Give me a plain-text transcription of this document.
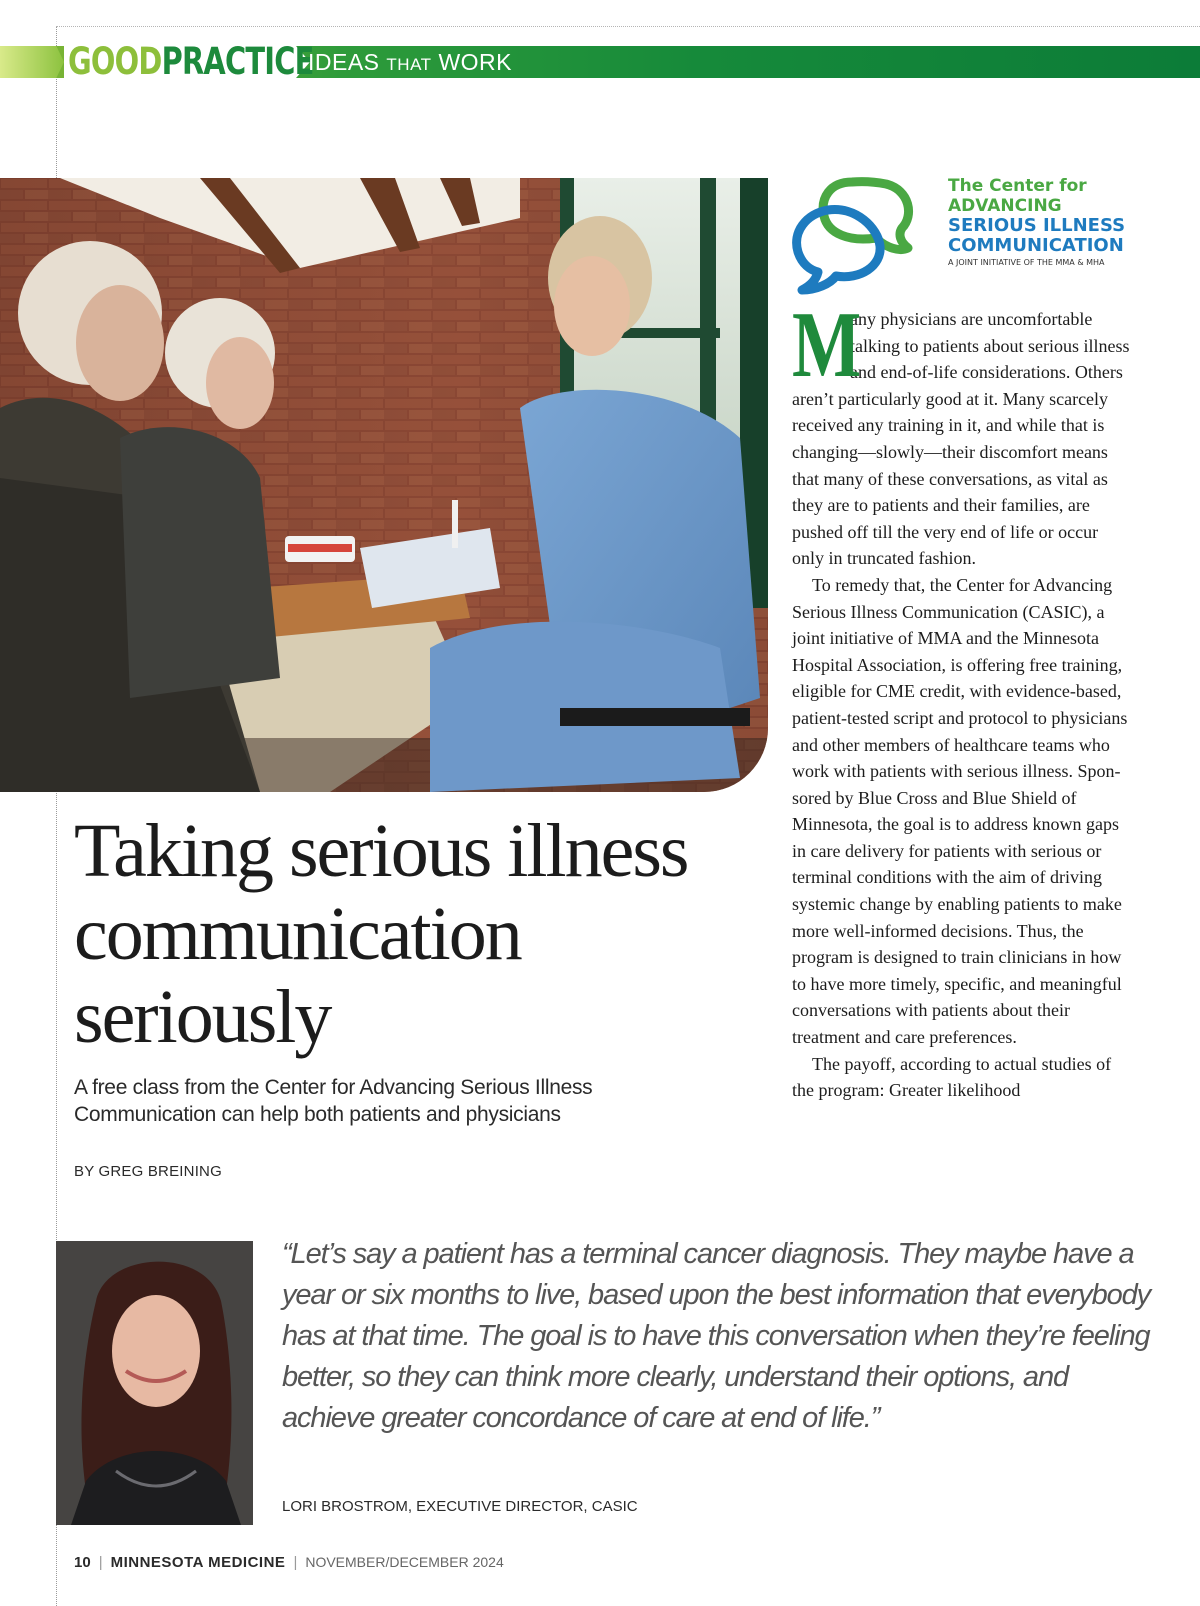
GOODPRACTICE
IDEAS THAT WORK
The Center for
ADVANCING
SERIOUS ILLNESS
COMMUNICATION
A JOINT INITIATIVE OF THE MMA & MHA

M
any physicians are uncomfortable talking to patients about serious illness and end-of-life considerations. Others aren’t particularly good at it. Many scarcely received any training in it, and while that is changing—slowly—their discomfort means that many of these conversations, as vital as they are to patients and their families, are pushed off till the very end of life or occur only in truncated fashion.

To remedy that, the Center for Advancing Serious Illness Communication (CASIC), a joint initiative of MMA and the Minnesota Hospital Association, is offering free training, eligible for CME credit, with evidence-based, patient-tested script and protocol to physicians and other members of healthcare teams who work with patients with serious illness. Sponsored by Blue Cross and Blue Shield of Minnesota, the goal is to address known gaps in care delivery for patients with serious or terminal conditions with the aim of driving systemic change by enabling patients to make more well-informed decisions. Thus, the program is designed to train clinicians in how to have more timely, specific, and meaningful conversations with patients about their treatment and care preferences.

The payoff, according to actual studies of the program: Greater likelihood

Taking serious illness communication seriously
A free class from the Center for Advancing Serious Illness Communication can help both patients and physicians
BY GREG BREINING
“Let’s say a patient has a terminal cancer diagnosis. They maybe have a year or six months to live, based upon the best information that everybody has at that time. The goal is to have this conversation when they’re feeling better, so they can think more clearly, understand their options, and achieve greater concordance of care at end of life.”
LORI BROSTROM, EXECUTIVE DIRECTOR, CASIC
10 | MINNESOTA MEDICINE | NOVEMBER/DECEMBER 2024
